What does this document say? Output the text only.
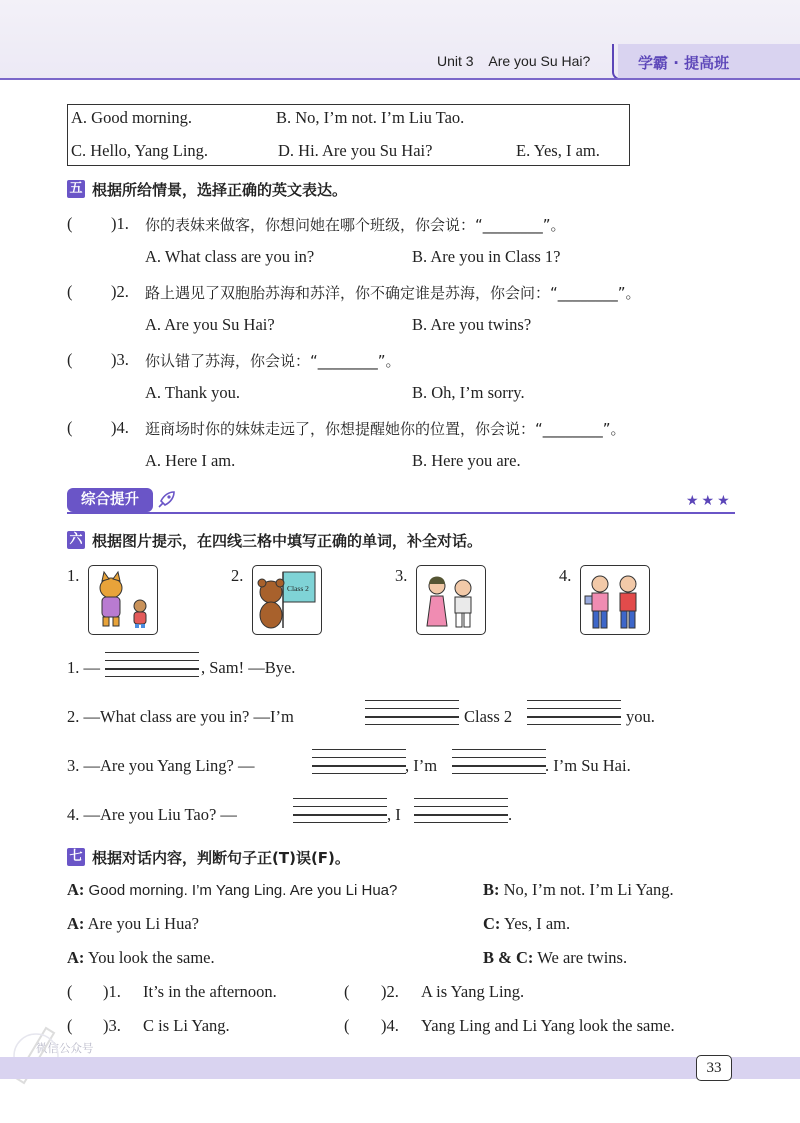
Unit 3    Are you Su Hai?	学霸 · 提高班
A. Good morning.	B. No, I’m not. I’m Liu Tao.
C. Hello, Yang Ling.	D. Hi. Are you Su Hai?	E. Yes, I am.
五 根据所给情景，选择正确的英文表达。
( )1. 你的表妹来做客，你想问她在哪个班级，你会说：“________”。
A. What class are you in?	B. Are you in Class 1?
( )2. 路上遇见了双胞胎苏海和苏洋，你不确定谁是苏海，你会问：“________”。
A. Are you Su Hai?	B. Are you twins?
( )3. 你认错了苏海，你会说：“________”。
A. Thank you.	B. Oh, I’m sorry.
( )4. 逛商场时你的妹妹走远了，你想提醒她你的位置，你会说：“________”。
A. Here I am.	B. Here you are.
综合提升	★★★
六 根据图片提示，在四线三格中填写正确的单词，补全对话。
1.	2.
Class 2
3.	4.
1. —	, Sam! —Bye.
2. —What class are you in? —I’m	Class 2	you.
3. —Are you Yang Ling? —	, I’m	. I’m Su Hai.
4. —Are you Liu Tao? —	, I	.
七 根据对话内容，判断句子正(T)误(F)。
A: Good morning. I’m Yang Ling. Are you Li Hua?	B: No, I’m not. I’m Li Yang.
A: Are you Li Hua?	C: Yes, I am.
A: You look the same.	B & C: We are twins.
( )1. It’s in the afternoon.	( )2. A is Yang Ling.
( )3. C is Li Yang.	( )4. Yang Ling and Li Yang look the same.
微信公众号
33
